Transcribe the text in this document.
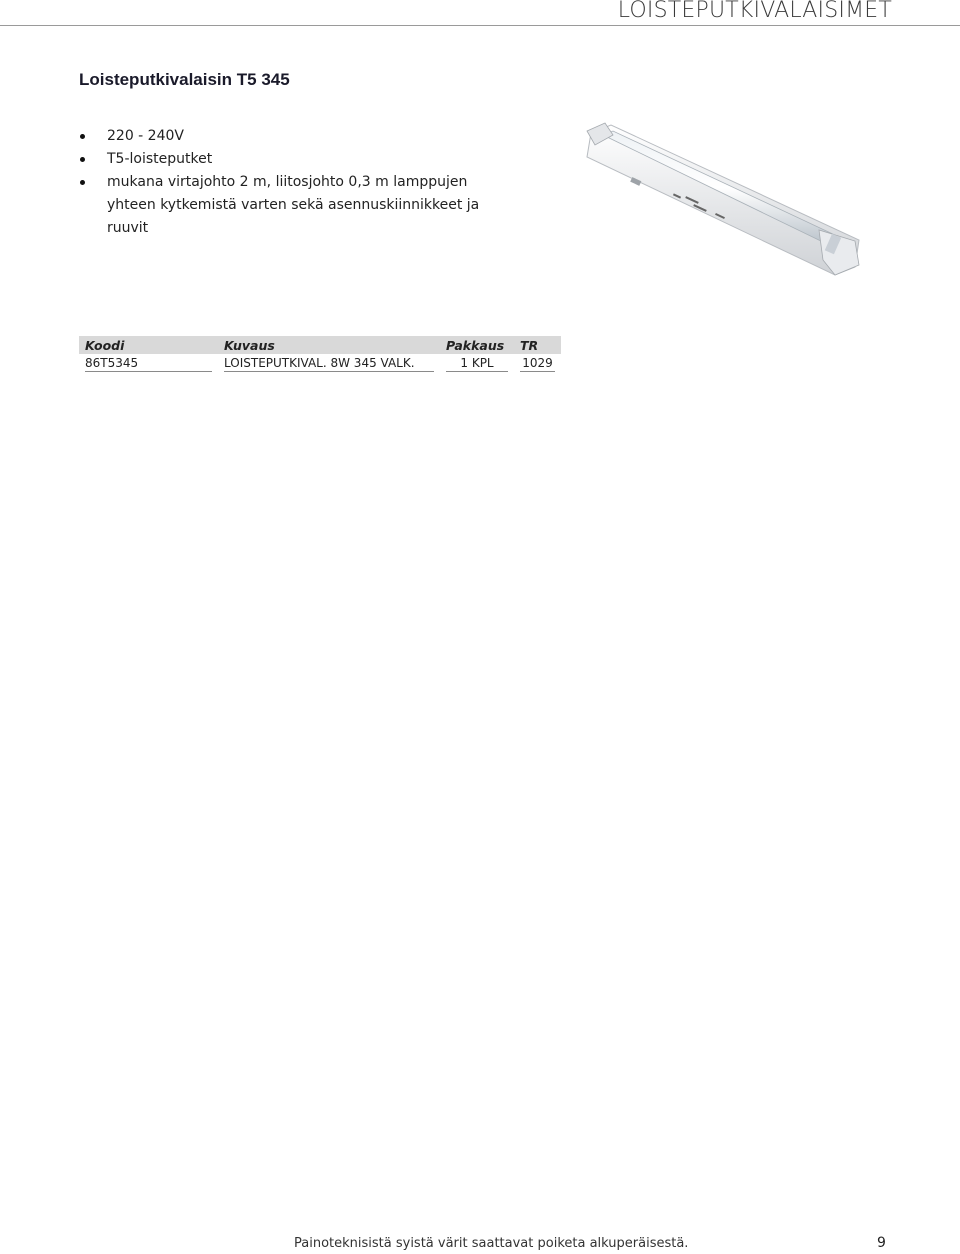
LOISTEPUTKIVALAISIMET
Loisteputkivalaisin T5 345
220 - 240V
T5-loisteputket
mukana virtajohto 2 m, liitosjohto 0,3 m lamppujen yhteen kytkemistä varten sekä asennuskiinnikkeet ja ruuvit
Koodi	Kuvaus	Pakkaus	TR

86T5345	LOISTEPUTKIVAL. 8W 345 VALK.	1 KPL	1029
Painoteknisistä syistä värit saattavat poiketa alkuperäisestä.	9
